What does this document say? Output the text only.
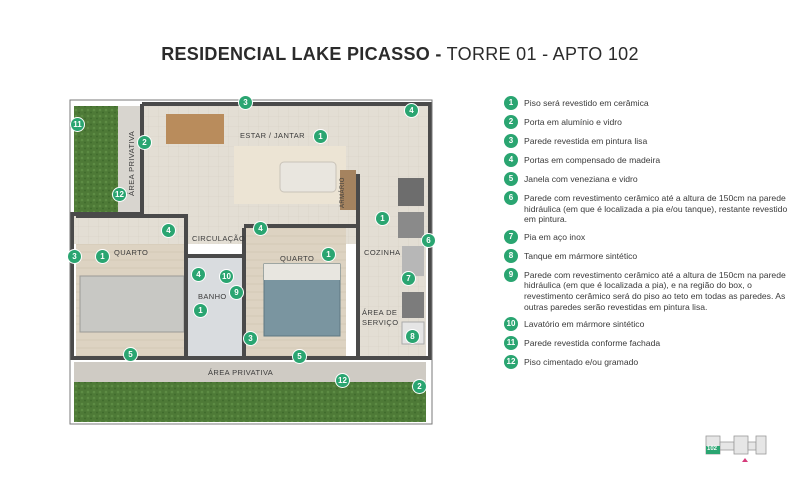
RESIDENCIAL LAKE PICASSO - TORRE 01 - APTO 102
ESTAR / JANTAR
ÁREA PRIVATIVA	ARMÁRIO
CIRCULAÇÃO
QUARTO
QUARTO
COZINHA
BANHO
ÁREA DE
SERVIÇO
ÁREA PRIVATIVA
3
4
11
2
1
12
1
4	4
6
3	1	1
4	10	7
9
1
8
3
5	5
12
2
1	Piso será revestido em cerâmica
2	Porta em alumínio e vidro
3	Parede revestida em pintura lisa
4	Portas em compensado de madeira
5	Janela com veneziana e vidro
6	Parede com revestimento cerâmico até a altura de 150cm na parede hidráulica (em que é localizada a pia e/ou tanque), restante revestido em pintura.
7	Pia em aço inox
8	Tanque em mármore sintético
9	Parede com revestimento cerâmico até a altura de 150cm na parede hidráulica (em que é localizada a pia), e na região do box, o revestimento cerâmico será do piso ao teto em todas as paredes. As outras paredes serão revestidas em pintura lisa.
10 Lavatório em mármore sintético
11	Parede revestida conforme fachada
12 Piso cimentado e/ou gramado
102
